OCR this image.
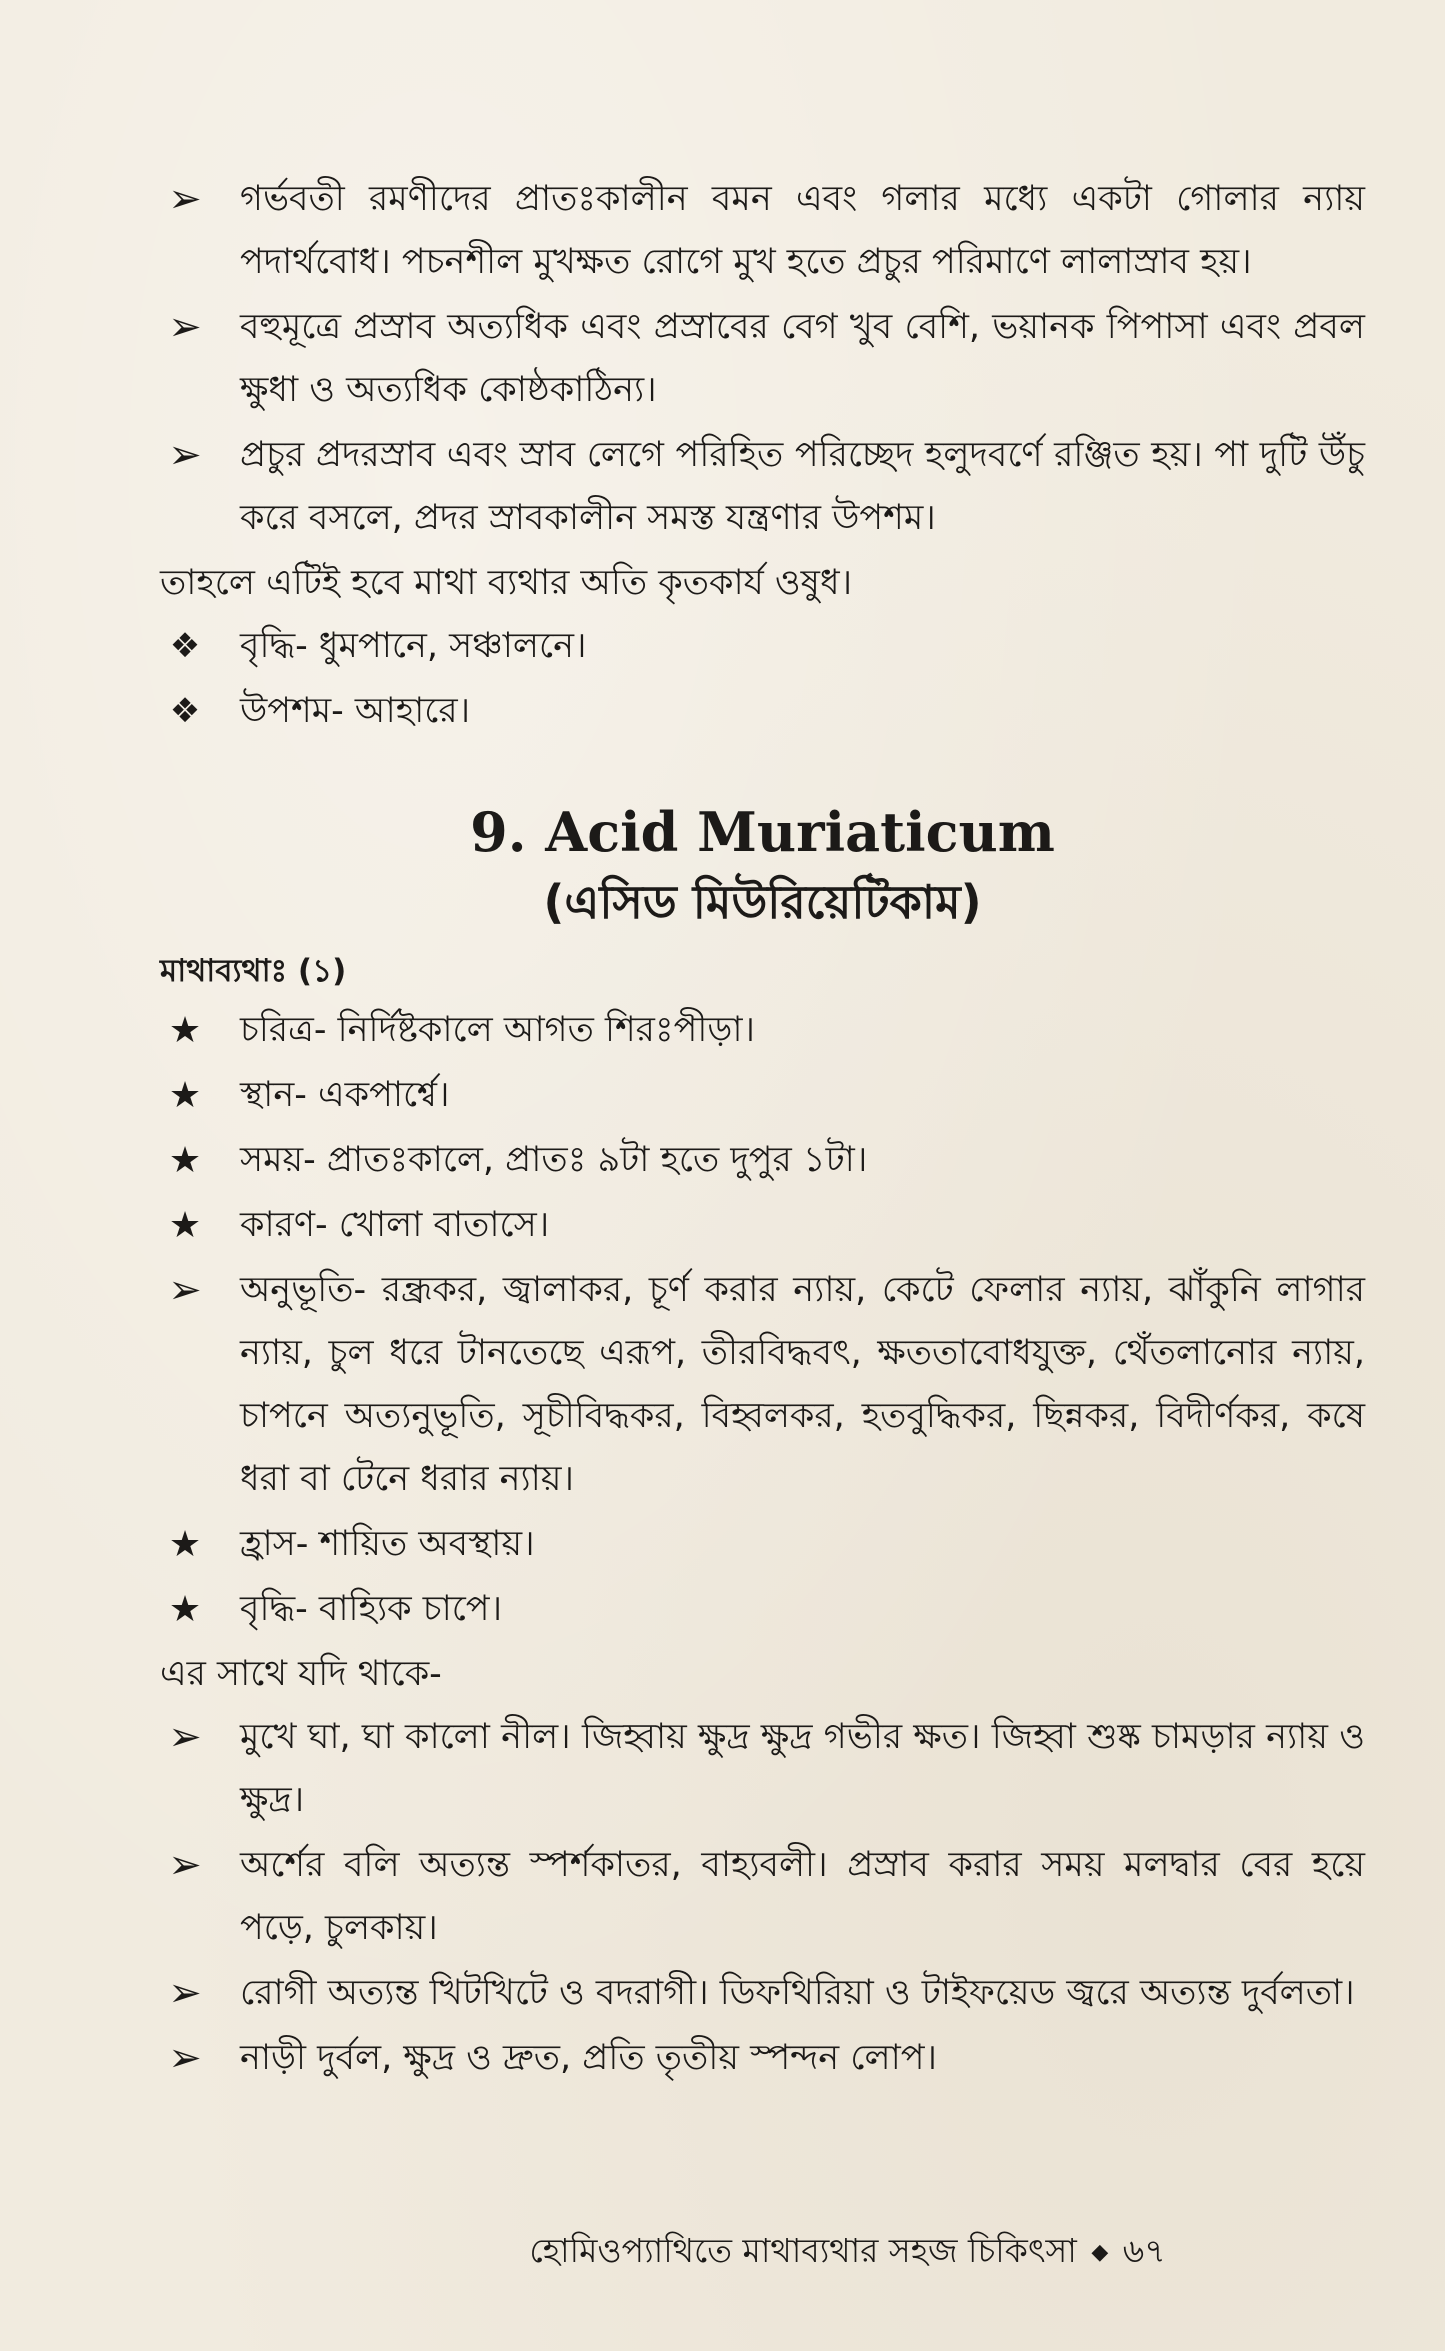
➢ গর্ভবতী রমণীদের প্রাতঃকালীন বমন এবং গলার মধ্যে একটা গোলার ন্যায় পদার্থবোধ। পচনশীল মুখক্ষত রোগে মুখ হতে প্রচুর পরিমাণে লালাস্রাব হয়।
➢ বহুমূত্রে প্রস্রাব অত্যধিক এবং প্রস্রাবের বেগ খুব বেশি, ভয়ানক পিপাসা এবং প্রবল ক্ষুধা ও অত্যধিক কোষ্ঠকাঠিন্য।
➢ প্রচুর প্রদরস্রাব এবং স্রাব লেগে পরিহিত পরিচ্ছেদ হলুদবর্ণে রঞ্জিত হয়। পা দুটি উঁচু করে বসলে, প্রদর স্রাবকালীন সমস্ত যন্ত্রণার উপশম।
তাহলে এটিই হবে মাথা ব্যথার অতি কৃতকার্য ওষুধ।
❖ বৃদ্ধি- ধুমপানে, সঞ্চালনে।
❖ উপশম- আহারে।
9. Acid Muriaticum
(এসিড মিউরিয়েটিকাম)
মাথাব্যথাঃ (১)
★ চরিত্র- নির্দিষ্টকালে আগত শিরঃপীড়া।
★ স্থান- একপার্শ্বে।
★ সময়- প্রাতঃকালে, প্রাতঃ ৯টা হতে দুপুর ১টা।
★ কারণ- খোলা বাতাসে।
➢ অনুভূতি- রন্ধ্রকর, জ্বালাকর, চূর্ণ করার ন্যায়, কেটে ফেলার ন্যায়, ঝাঁকুনি লাগার ন্যায়, চুল ধরে টানতেছে এরূপ, তীরবিদ্ধবৎ, ক্ষততাবোধযুক্ত, থেঁতলানোর ন্যায়, চাপনে অত্যনুভূতি, সূচীবিদ্ধকর, বিহ্বলকর, হতবুদ্ধিকর, ছিন্নকর, বিদীর্ণকর, কষে ধরা বা টেনে ধরার ন্যায়।
★ হ্রাস- শায়িত অবস্থায়।
★ বৃদ্ধি- বাহ্যিক চাপে।
এর সাথে যদি থাকে-
➢ মুখে ঘা, ঘা কালো নীল। জিহ্বায় ক্ষুদ্র ক্ষুদ্র গভীর ক্ষত। জিহ্বা শুষ্ক চামড়ার ন্যায় ও ক্ষুদ্র।
➢ অর্শের বলি অত্যন্ত স্পর্শকাতর, বাহ্যবলী। প্রস্রাব করার সময় মলদ্বার বের হয়ে পড়ে, চুলকায়।
➢ রোগী অত্যন্ত খিটখিটে ও বদরাগী। ডিফথিরিয়া ও টাইফয়েড জ্বরে অত্যন্ত দুর্বলতা।
➢ নাড়ী দুর্বল, ক্ষুদ্র ও দ্রুত, প্রতি তৃতীয় স্পন্দন লোপ।
হোমিওপ্যাথিতে মাথাব্যথার সহজ চিকিৎসা ◆ ৬৭
